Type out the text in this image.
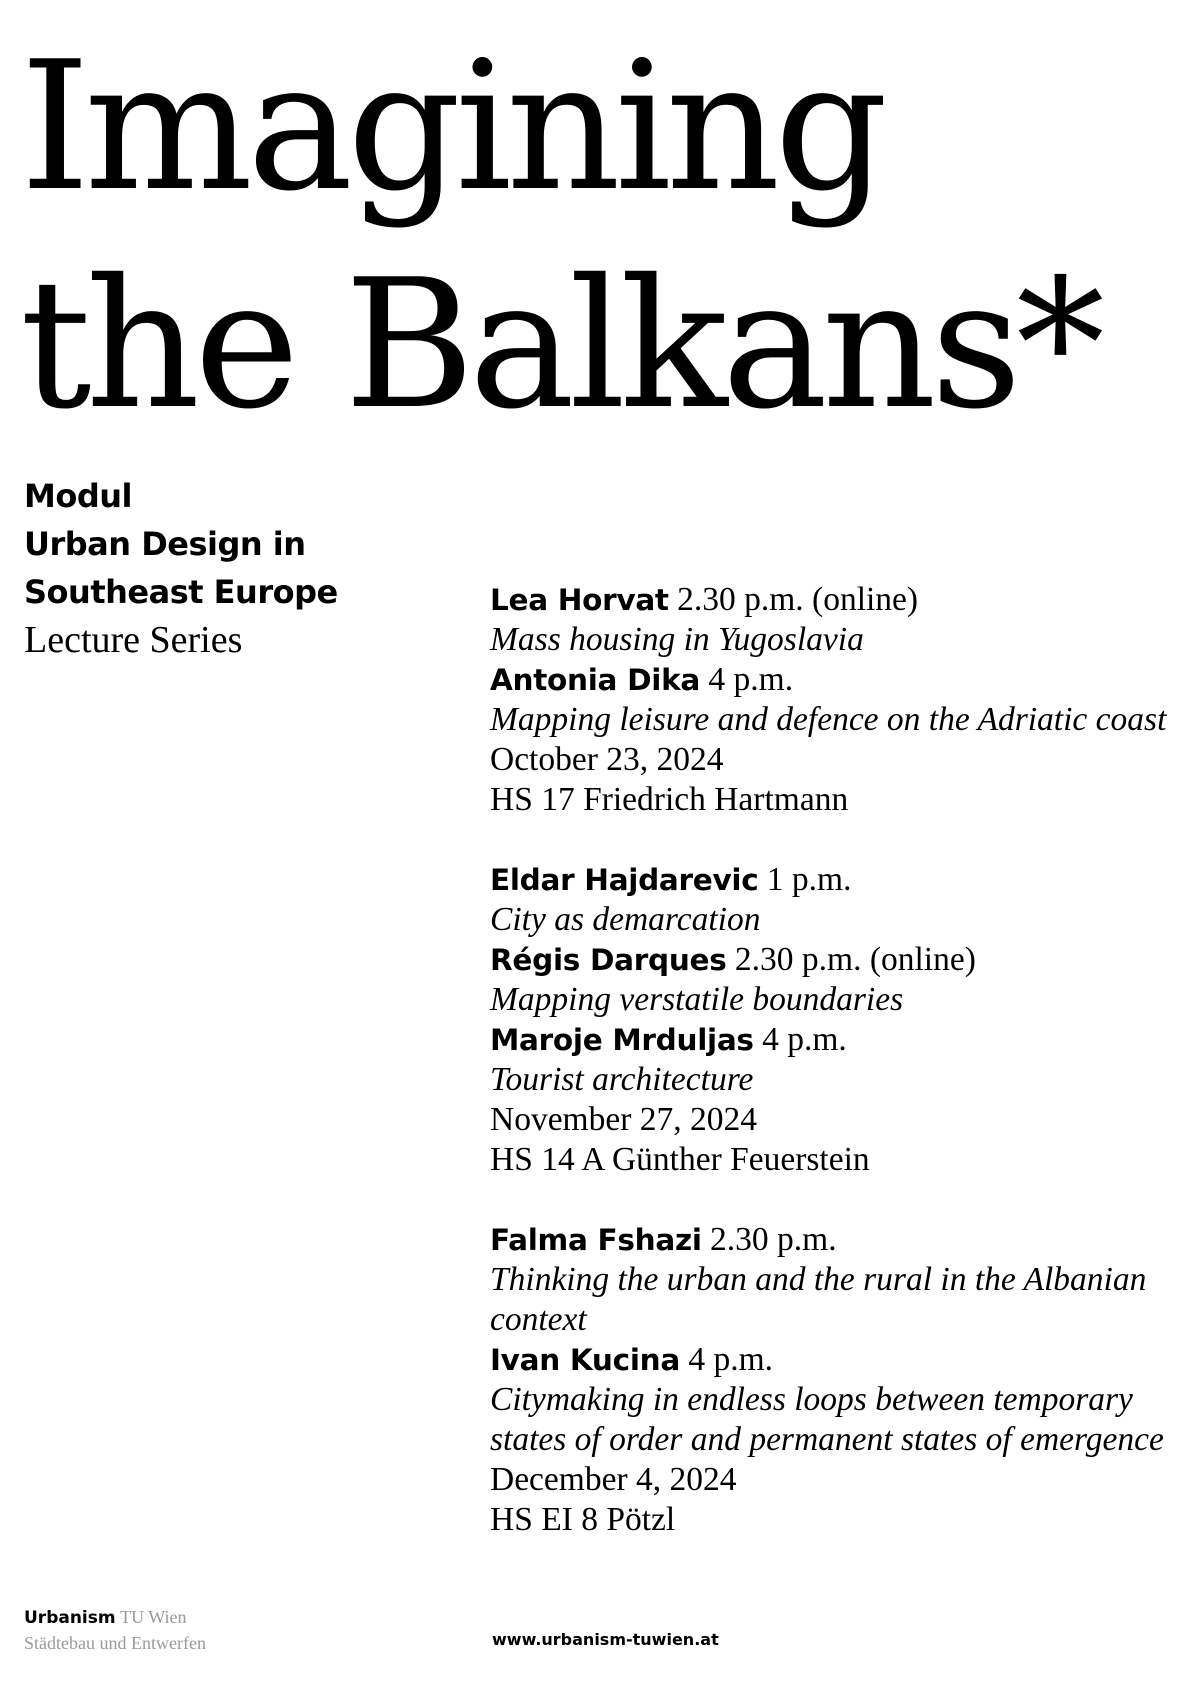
Imagining
the Balkans*
Modul
Urban Design in
Southeast Europe
Lecture Series
Lea Horvat 2.30 p.m. (online)
Mass housing in Yugoslavia
Antonia Dika 4 p.m.
Mapping leisure and defence on the Adriatic coast
October 23, 2024
HS 17 Friedrich Hartmann
Eldar Hajdarevic 1 p.m.
City as demarcation
Régis Darques 2.30 p.m. (online)
Mapping verstatile boundaries
Maroje Mrduljas 4 p.m.
Tourist architecture
November 27, 2024
HS 14 A Günther Feuerstein
Falma Fshazi 2.30 p.m.
Thinking the urban and the rural in the Albanian context
Ivan Kucina 4 p.m.
Citymaking in endless loops between temporary states of order and permanent states of emergence
December 4, 2024
HS EI 8 Pötzl
Urbanism TU Wien
Städtebau und Entwerfen	www.urbanism-tuwien.at
